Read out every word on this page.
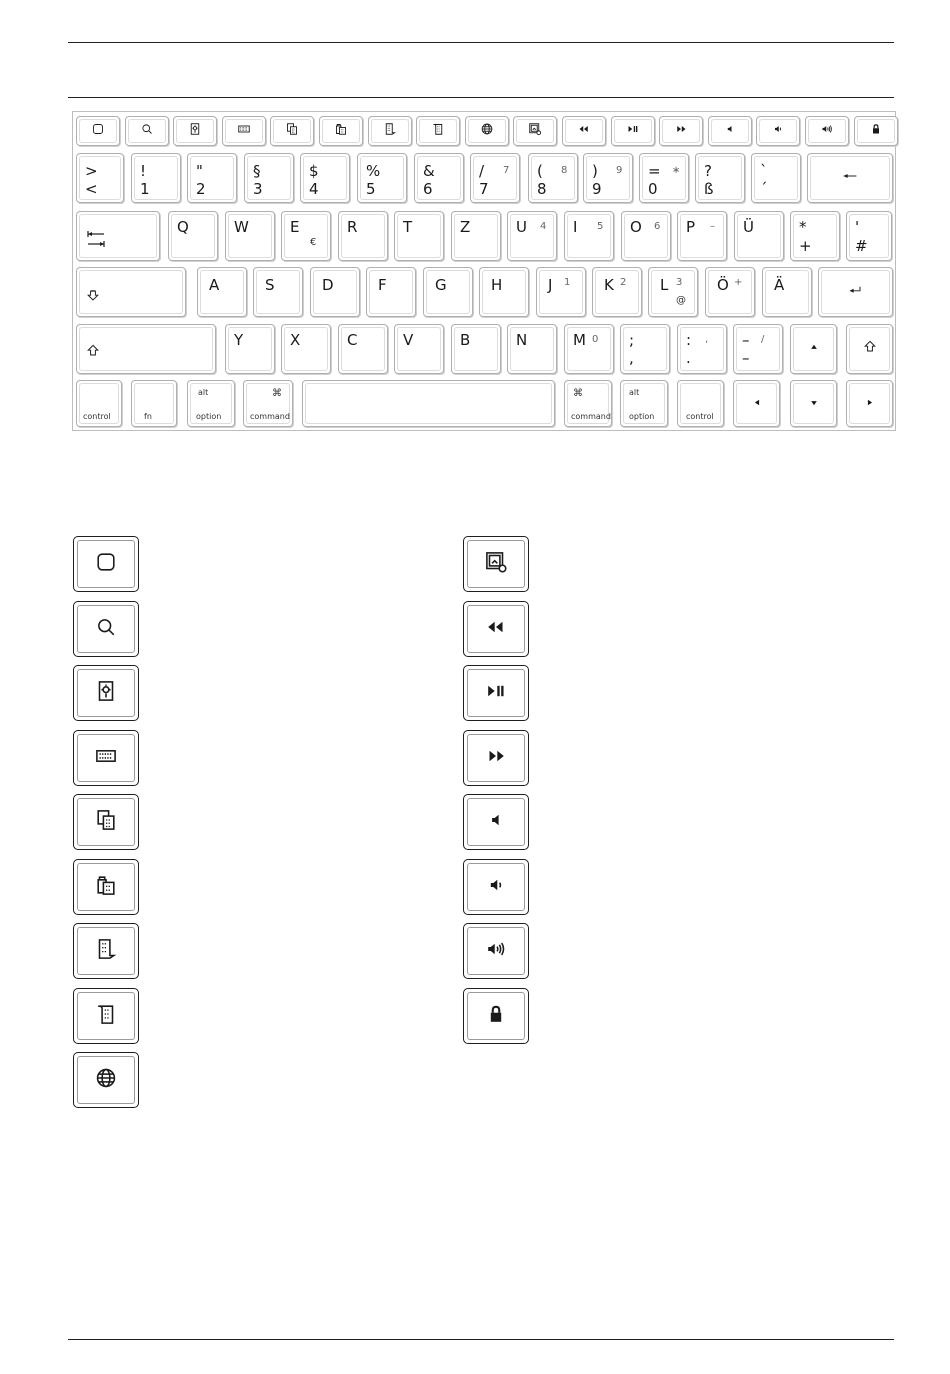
>
<
!
1
"
2
§
3
$
4
%
5
&
6
/
7
7 (
8
8 )
9
9 =
0
∗ ?
ß
`
´
Q	W	E
€
R	T	Z	U 4 I 5 O 6 P – Ü	*
+
'
#
A	S	D	F	G	H	J 1 K 2 L 3
@
Ö + Ä
Y	X	C	V	B	N	M 0 ;
,
:
.
, –
–
/
control	fn
alt
option
⌘
command
⌘
command
alt
option	control
